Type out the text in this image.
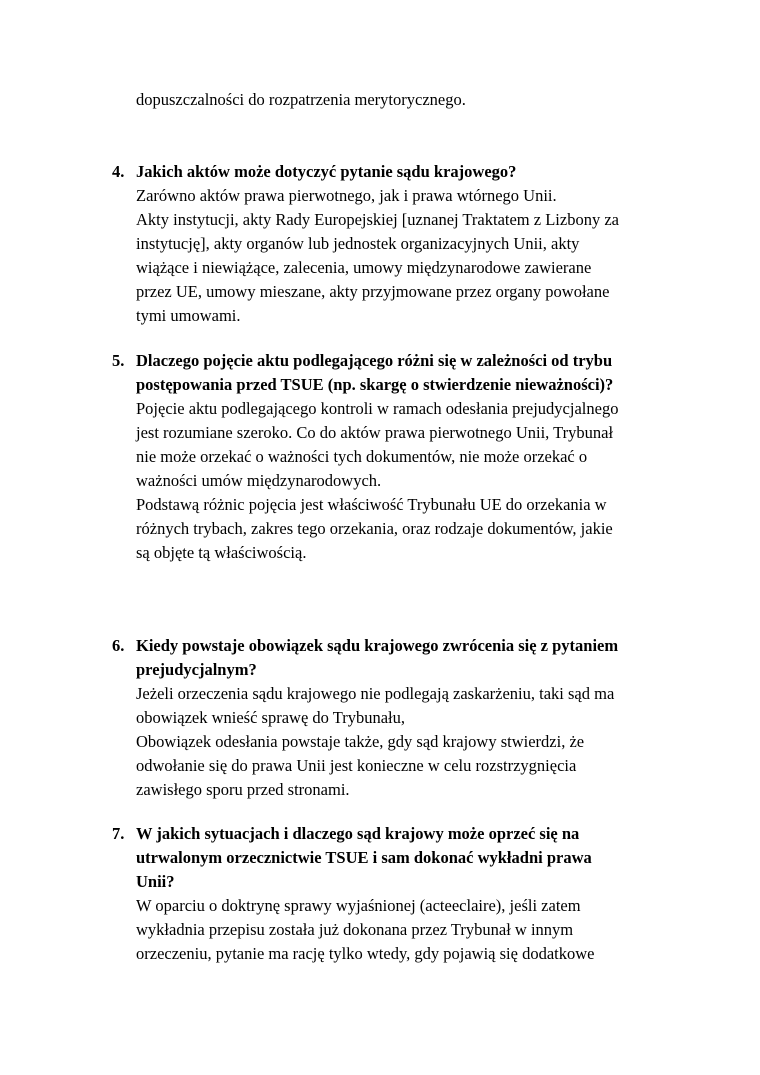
dopuszczalności do rozpatrzenia merytorycznego.
4. Jakich aktów może dotyczyć pytanie sądu krajowego?
Zarówno aktów prawa pierwotnego, jak i prawa wtórnego Unii.
Akty instytucji, akty Rady Europejskiej [uznanej Traktatem z Lizbony za
instytucję], akty organów lub jednostek organizacyjnych Unii, akty
wiążące i niewiążące, zalecenia, umowy międzynarodowe zawierane
przez UE, umowy mieszane, akty przyjmowane przez organy powołane
tymi umowami.
5. Dlaczego pojęcie aktu podlegającego różni się w zależności od trybu
postępowania przed TSUE (np. skargę o stwierdzenie nieważności)?
Pojęcie aktu podlegającego kontroli w ramach odesłania prejudycjalnego
jest rozumiane szeroko. Co do aktów prawa pierwotnego Unii, Trybunał
nie może orzekać o ważności tych dokumentów, nie może orzekać o
ważności umów międzynarodowych.
Podstawą różnic pojęcia jest właściwość Trybunału UE do orzekania w
różnych trybach, zakres tego orzekania, oraz rodzaje dokumentów, jakie
są objęte tą właściwością.
6. Kiedy powstaje obowiązek sądu krajowego zwrócenia się z pytaniem
prejudycjalnym?
Jeżeli orzeczenia sądu krajowego nie podlegają zaskarżeniu, taki sąd ma
obowiązek wnieść sprawę do Trybunału,
Obowiązek odesłania powstaje także, gdy sąd krajowy stwierdzi, że
odwołanie się do prawa Unii jest konieczne w celu rozstrzygnięcia
zawisłego sporu przed stronami.
7. W jakich sytuacjach i dlaczego sąd krajowy może oprzeć się na
utrwalonym orzecznictwie TSUE i sam dokonać wykładni prawa
Unii?
W oparciu o doktrynę sprawy wyjaśnionej (acteeclaire), jeśli zatem
wykładnia przepisu została już dokonana przez Trybunał w innym
orzeczeniu, pytanie ma rację tylko wtedy, gdy pojawią się dodatkowe
